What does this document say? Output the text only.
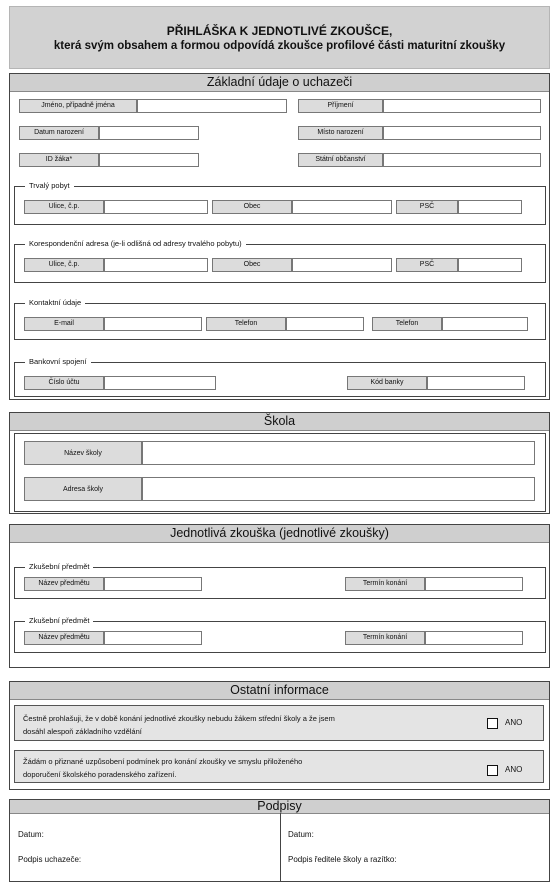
PŘIHLÁŠKA K JEDNOTLIVÉ ZKOUŠCE,
která svým obsahem a formou odpovídá zkoušce profilové části maturitní zkoušky
Základní údaje o uchazeči
Jméno, případně jména	Příjmení
Datum narození	Místo narození
ID žáka*	Státní občanství
Trvalý pobyt
Ulice, č.p.	Obec	PSČ
Korespondenční adresa (je-li odlišná od adresy trvalého pobytu)
Ulice, č.p.	Obec	PSČ
Kontaktní údaje
E-mail	Telefon	Telefon
Bankovní spojení
Číslo účtu	Kód banky
Škola
Název školy
Adresa školy
Jednotlivá zkouška (jednotlivé zkoušky)
Zkušební předmět
Název předmětu	Termín konání
Zkušební předmět
Název předmětu	Termín konání
Ostatní informace
Čestně prohlašuji, že v době konání jednotlivé zkoušky nebudu žákem střední školy a že jsem
dosáhl alespoň základního vzdělání
ANO
Žádám o přiznané uzpůsobení podmínek pro konání zkoušky ve smyslu přiloženého
doporučení školského poradenského zařízení.
ANO
Podpisy
Datum:
Podpis uchazeče:
Datum:
Podpis ředitele školy a razítko:
